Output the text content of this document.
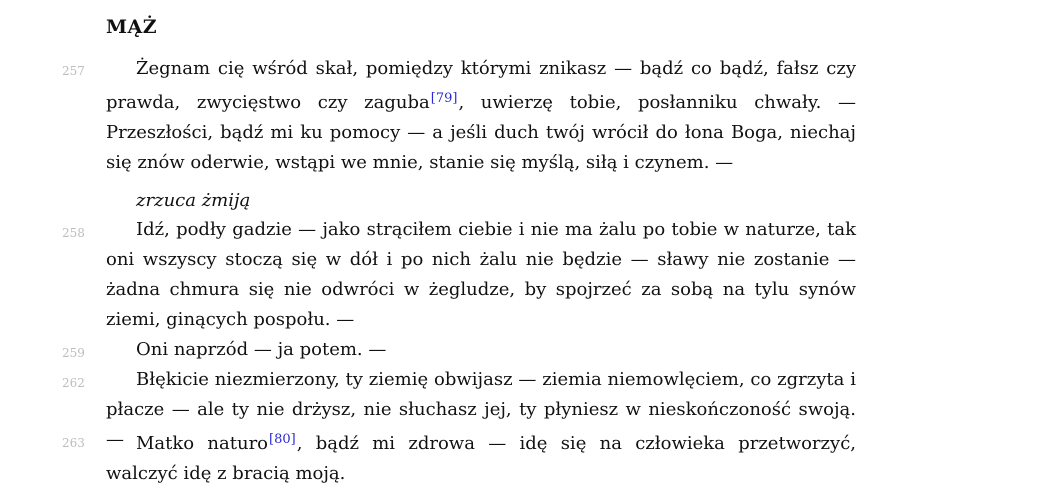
MĄŻ
257	Żegnam cię wśród skał, pomiędzy którymi znikasz — bądź co bądź, fałsz czy prawda, zwycięstwo czy zaguba[79], uwierzę tobie, posłanniku chwały. — Przeszłości, bądź mi ku pomocy — a jeśli duch twój wrócił do łona Boga, niechaj się znów oderwie, wstąpi we mnie, stanie się myślą, siłą i czynem. —
zrzuca żmiją
258	Idź, podły gadzie — jako strąciłem ciebie i nie ma żalu po tobie w naturze, tak oni wszyscy stoczą się w dół i po nich żalu nie będzie — sławy nie zostanie — żadna chmura się nie odwróci w żegludze, by spojrzeć za sobą na tylu synów ziemi, ginących pospołu. —
259	Oni naprzód — ja potem. —
262	Błękicie niezmierzony, ty ziemię obwijasz — ziemia niemowlęciem, co zgrzyta i płacze — ale ty nie drżysz, nie słuchasz jej, ty płyniesz w nieskończoność swoją. —
263	Matko naturo[80], bądź mi zdrowa — idę się na człowieka przetworzyć, walczyć idę z bracią moją.
